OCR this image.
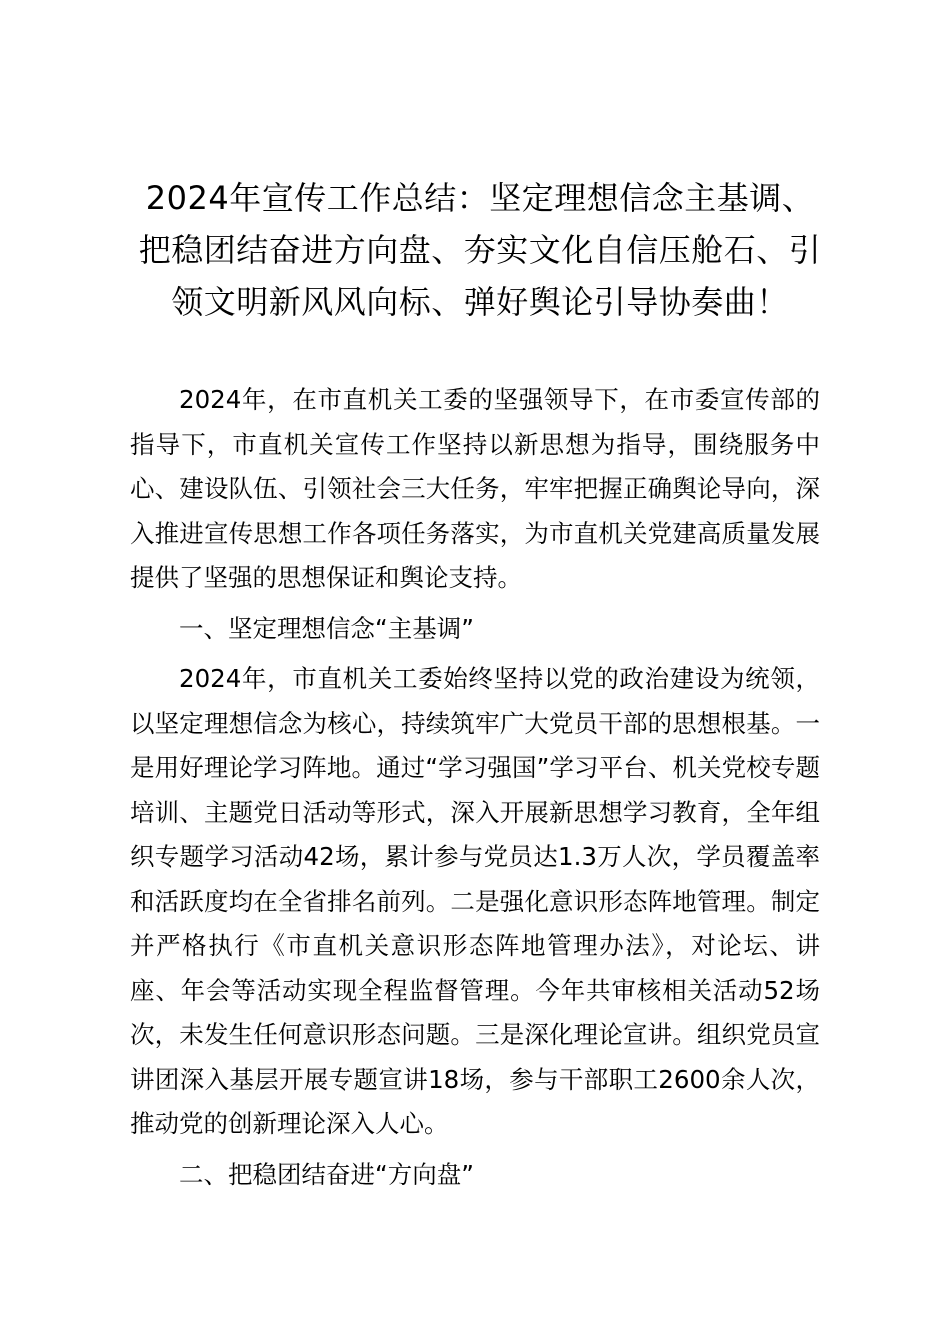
2024年宣传工作总结：坚定理想信念主基调、把稳团结奋进方向盘、夯实文化自信压舱石、引领文明新风风向标、弹好舆论引导协奏曲！

2024年，在市直机关工委的坚强领导下，在市委宣传部的指导下，市直机关宣传工作坚持以新思想为指导，围绕服务中心、建设队伍、引领社会三大任务，牢牢把握正确舆论导向，深入推进宣传思想工作各项任务落实，为市直机关党建高质量发展提供了坚强的思想保证和舆论支持。

一、坚定理想信念“主基调”

2024年，市直机关工委始终坚持以党的政治建设为统领，以坚定理想信念为核心，持续筑牢广大党员干部的思想根基。一是用好理论学习阵地。通过“学习强国”学习平台、机关党校专题培训、主题党日活动等形式，深入开展新思想学习教育，全年组织专题学习活动42场，累计参与党员达1.3万人次，学员覆盖率和活跃度均在全省排名前列。二是强化意识形态阵地管理。制定并严格执行《市直机关意识形态阵地管理办法》，对论坛、讲座、年会等活动实现全程监督管理。今年共审核相关活动52场次，未发生任何意识形态问题。三是深化理论宣讲。组织党员宣讲团深入基层开展专题宣讲18场，参与干部职工2600余人次，推动党的创新理论深入人心。

二、把稳团结奋进“方向盘”
